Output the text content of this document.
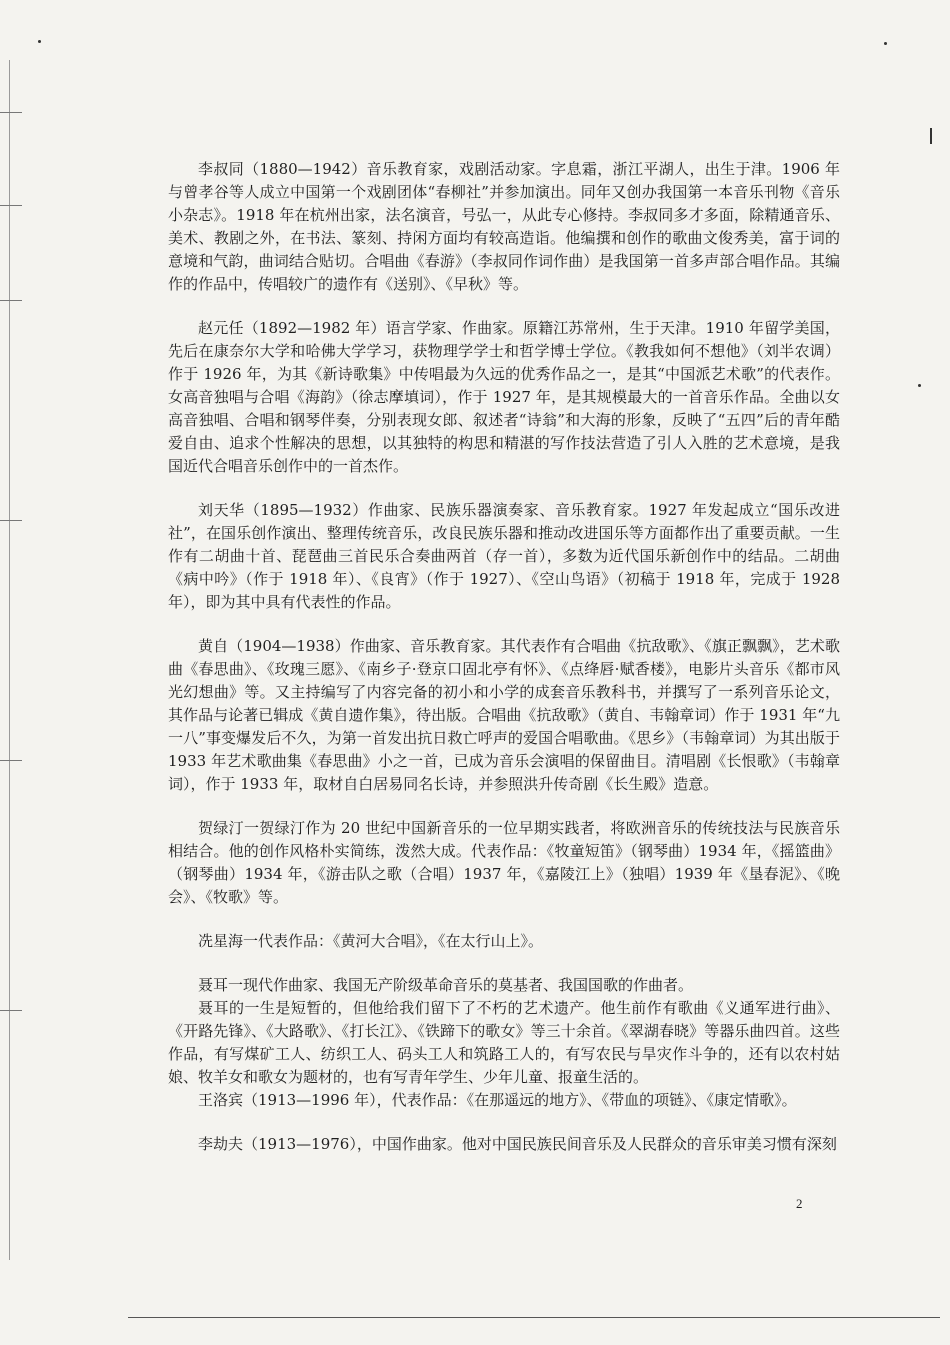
李叔同（1880—1942）音乐教育家，戏剧活动家。字息霜，浙江平湖人，出生于津。1906 年与曾孝谷等人成立中国第一个戏剧团体“春柳社”并参加演出。同年又创办我国第一本音乐刊物《音乐小杂志》。1918 年在杭州出家，法名演音，号弘一，从此专心修持。李叔同多才多面，除精通音乐、美术、教剧之外，在书法、篆刻、持闲方面均有较高造诣。他编撰和创作的歌曲文俊秀美，富于词的意境和气韵，曲词结合贴切。合唱曲《春游》（李叔同作词作曲）是我国第一首多声部合唱作品。其编作的作品中，传唱较广的遗作有《送别》、《早秋》等。

赵元任（1892—1982 年）语言学家、作曲家。原籍江苏常州，生于天津。1910 年留学美国，先后在康奈尔大学和哈佛大学学习，获物理学学士和哲学博士学位。《教我如何不想他》（刘半农调）作于 1926 年，为其《新诗歌集》中传唱最为久远的优秀作品之一，是其“中国派艺术歌”的代表作。女高音独唱与合唱《海韵》（徐志摩填词），作于 1927 年，是其规模最大的一首音乐作品。全曲以女高音独唱、合唱和钢琴伴奏，分别表现女郎、叙述者“诗翁”和大海的形象，反映了“五四”后的青年酷爱自由、追求个性解决的思想，以其独特的构思和精湛的写作技法营造了引人入胜的艺术意境，是我国近代合唱音乐创作中的一首杰作。

刘天华（1895—1932）作曲家、民族乐器演奏家、音乐教育家。1927 年发起成立“国乐改进社”，在国乐创作演出、整理传统音乐，改良民族乐器和推动改进国乐等方面都作出了重要贡献。一生作有二胡曲十首、琵琶曲三首民乐合奏曲两首（存一首），多数为近代国乐新创作中的结品。二胡曲《病中吟》（作于 1918 年）、《良宵》（作于 1927）、《空山鸟语》（初稿于 1918 年，完成于 1928 年），即为其中具有代表性的作品。

黄自（1904—1938）作曲家、音乐教育家。其代表作有合唱曲《抗敌歌》、《旗正飘飘》，艺术歌曲《春思曲》、《玫瑰三愿》、《南乡子·登京口固北亭有怀》、《点绛唇·赋香楼》，电影片头音乐《都市风光幻想曲》等。又主持编写了内容完备的初小和小学的成套音乐教科书，并撰写了一系列音乐论文，其作品与论著已辑成《黄自遗作集》，待出版。合唱曲《抗敌歌》（黄自、韦翰章词）作于 1931 年“九一八”事变爆发后不久，为第一首发出抗日救亡呼声的爱国合唱歌曲。《思乡》（韦翰章词）为其出版于 1933 年艺术歌曲集《春思曲》小之一首，已成为音乐会演唱的保留曲目。清唱剧《长恨歌》（韦翰章词），作于 1933 年，取材自白居易同名长诗，并参照洪升传奇剧《长生殿》造意。

贺绿汀一贺绿汀作为 20 世纪中国新音乐的一位早期实践者，将欧洲音乐的传统技法与民族音乐相结合。他的创作风格朴实简练，泼然大成。代表作品：《牧童短笛》（钢琴曲）1934 年，《摇篮曲》（钢琴曲）1934 年，《游击队之歌（合唱）1937 年，《嘉陵江上》（独唱）1939 年《垦春泥》、《晚会》、《牧歌》等。

冼星海一代表作品：《黄河大合唱》，《在太行山上》。

聂耳一现代作曲家、我国无产阶级革命音乐的莫基者、我国国歌的作曲者。

聂耳的一生是短暂的，但他给我们留下了不朽的艺术遗产。他生前作有歌曲《义通军进行曲》、《开路先锋》、《大路歌》、《打长江》、《铁蹄下的歌女》等三十余首。《翠湖春晓》等器乐曲四首。这些作品，有写煤矿工人、纺织工人、码头工人和筑路工人的，有写农民与旱灾作斗争的，还有以农村姑娘、牧羊女和歌女为题材的，也有写青年学生、少年儿童、报童生活的。

王洛宾（1913—1996 年），代表作品：《在那遥远的地方》、《带血的项链》、《康定情歌》。

李劫夫（1913—1976），中国作曲家。他对中国民族民间音乐及人民群众的音乐审美习惯有深刻

2
